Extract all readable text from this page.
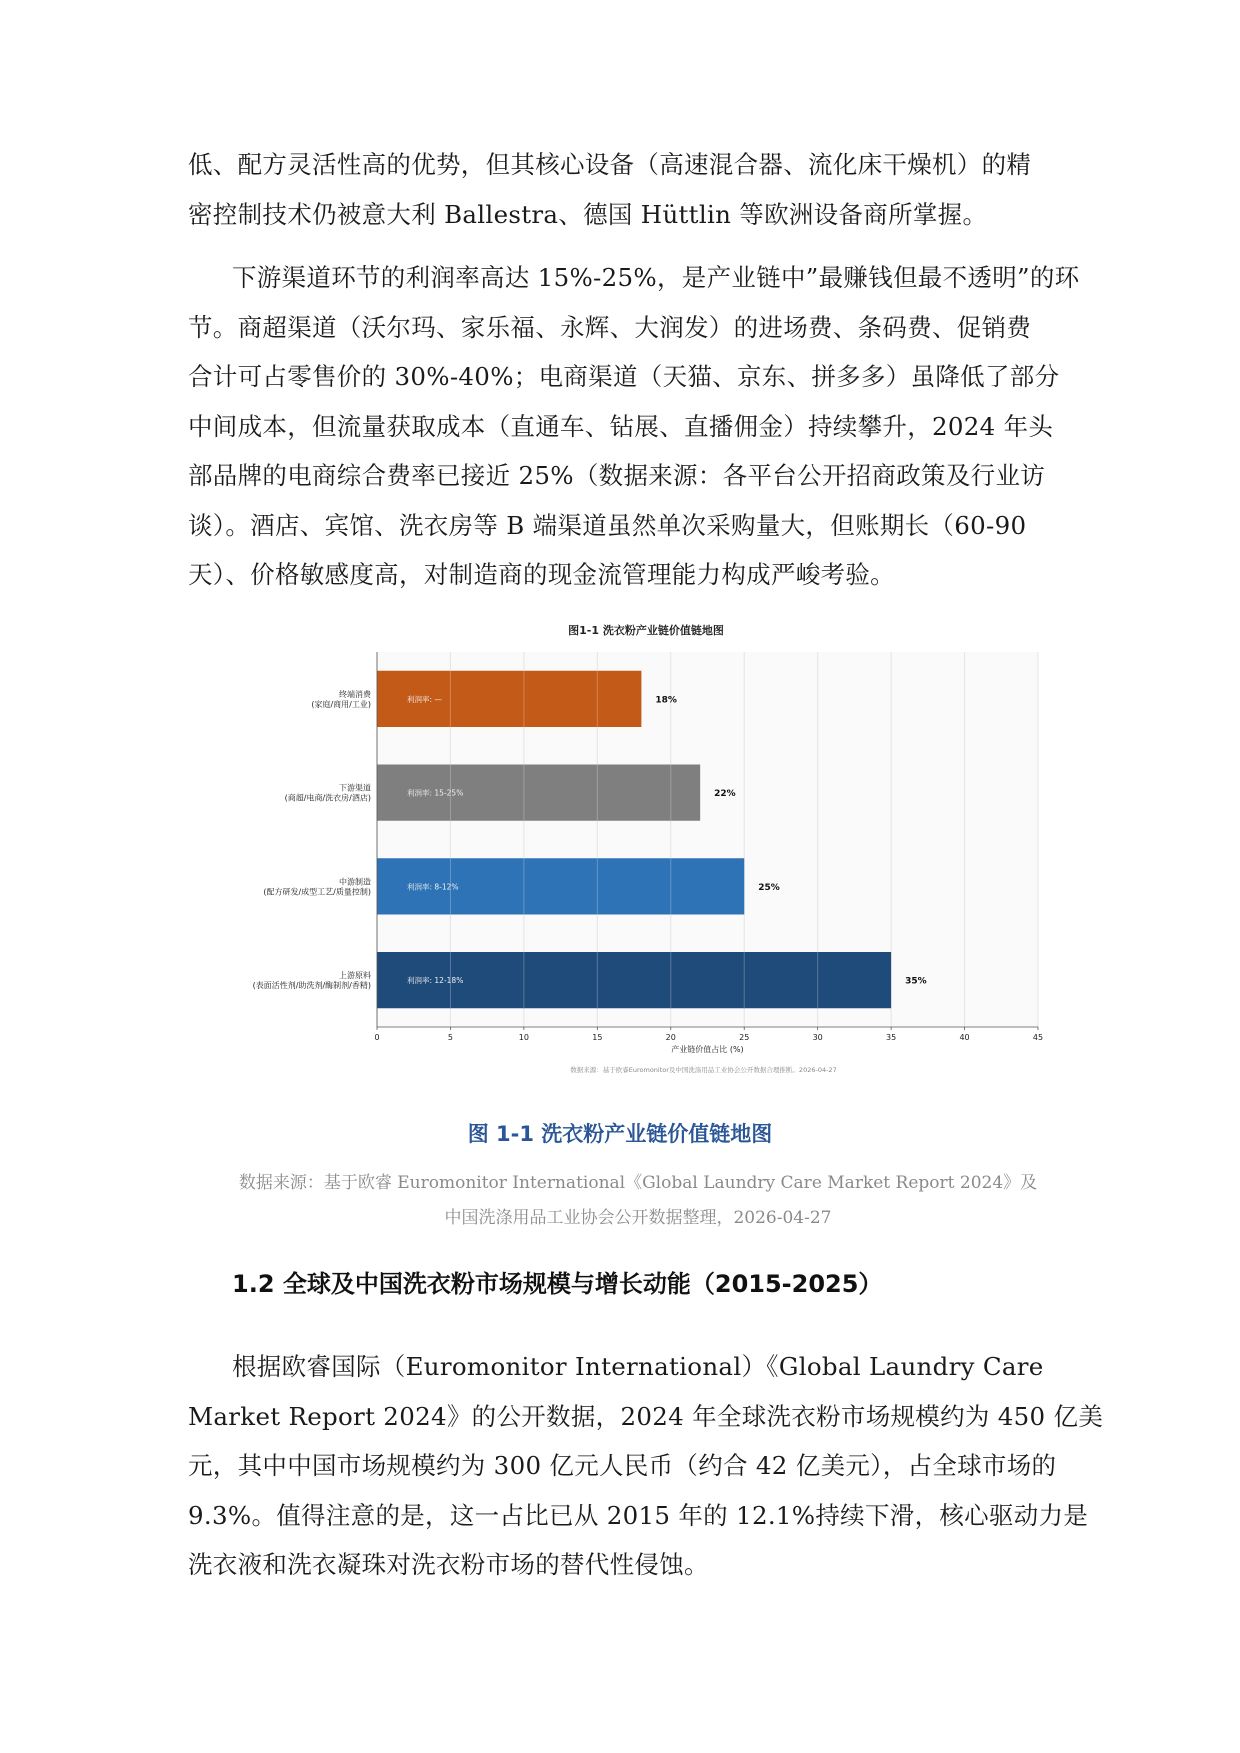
低、配方灵活性高的优势，但其核心设备（高速混合器、流化床干燥机）的精
密控制技术仍被意大利 Ballestra、德国 Hüttlin 等欧洲设备商所掌握。
下游渠道环节的利润率高达 15%-25%，是产业链中”最赚钱但最不透明”的环
节。商超渠道（沃尔玛、家乐福、永辉、大润发）的进场费、条码费、促销费
合计可占零售价的 30%-40%；电商渠道（天猫、京东、拼多多）虽降低了部分
中间成本，但流量获取成本（直通车、钻展、直播佣金）持续攀升，2024 年头
部品牌的电商综合费率已接近 25%（数据来源：各平台公开招商政策及行业访
谈）。酒店、宾馆、洗衣房等 B 端渠道虽然单次采购量大，但账期长（60-90
天）、价格敏感度高，对制造商的现金流管理能力构成严峻考验。
图1-1 洗衣粉产业链价值链地图
利润率: —	18%
终端消费
(家庭/商用/工业)
利润率: 15-25%	22%
下游渠道
(商超/电商/洗衣房/酒店)
利润率: 8-12%	25%
中游制造
(配方研发/成型工艺/质量控制)
利润率: 12-18%	35%
上游原料
(表面活性剂/助洗剂/酶制剂/香精)
0	5	10	15	20	25	30	35	40	45
产业链价值占比 (%)
数据来源：基于欧睿Euromonitor及中国洗涤用品工业协会公开数据合理推断。2026-04-27

图 1-1 洗衣粉产业链价值链地图

数据来源：基于欧睿 Euromonitor International《Global Laundry Care Market Report 2024》及
中国洗涤用品工业协会公开数据整理，2026-04-27
1.2 全球及中国洗衣粉市场规模与增长动能（2015-2025）
根据欧睿国际（Euromonitor International）《Global Laundry Care
Market Report 2024》的公开数据，2024 年全球洗衣粉市场规模约为 450 亿美
元，其中中国市场规模约为 300 亿元人民币（约合 42 亿美元），占全球市场的
9.3%。值得注意的是，这一占比已从 2015 年的 12.1%持续下滑，核心驱动力是
洗衣液和洗衣凝珠对洗衣粉市场的替代性侵蚀。
